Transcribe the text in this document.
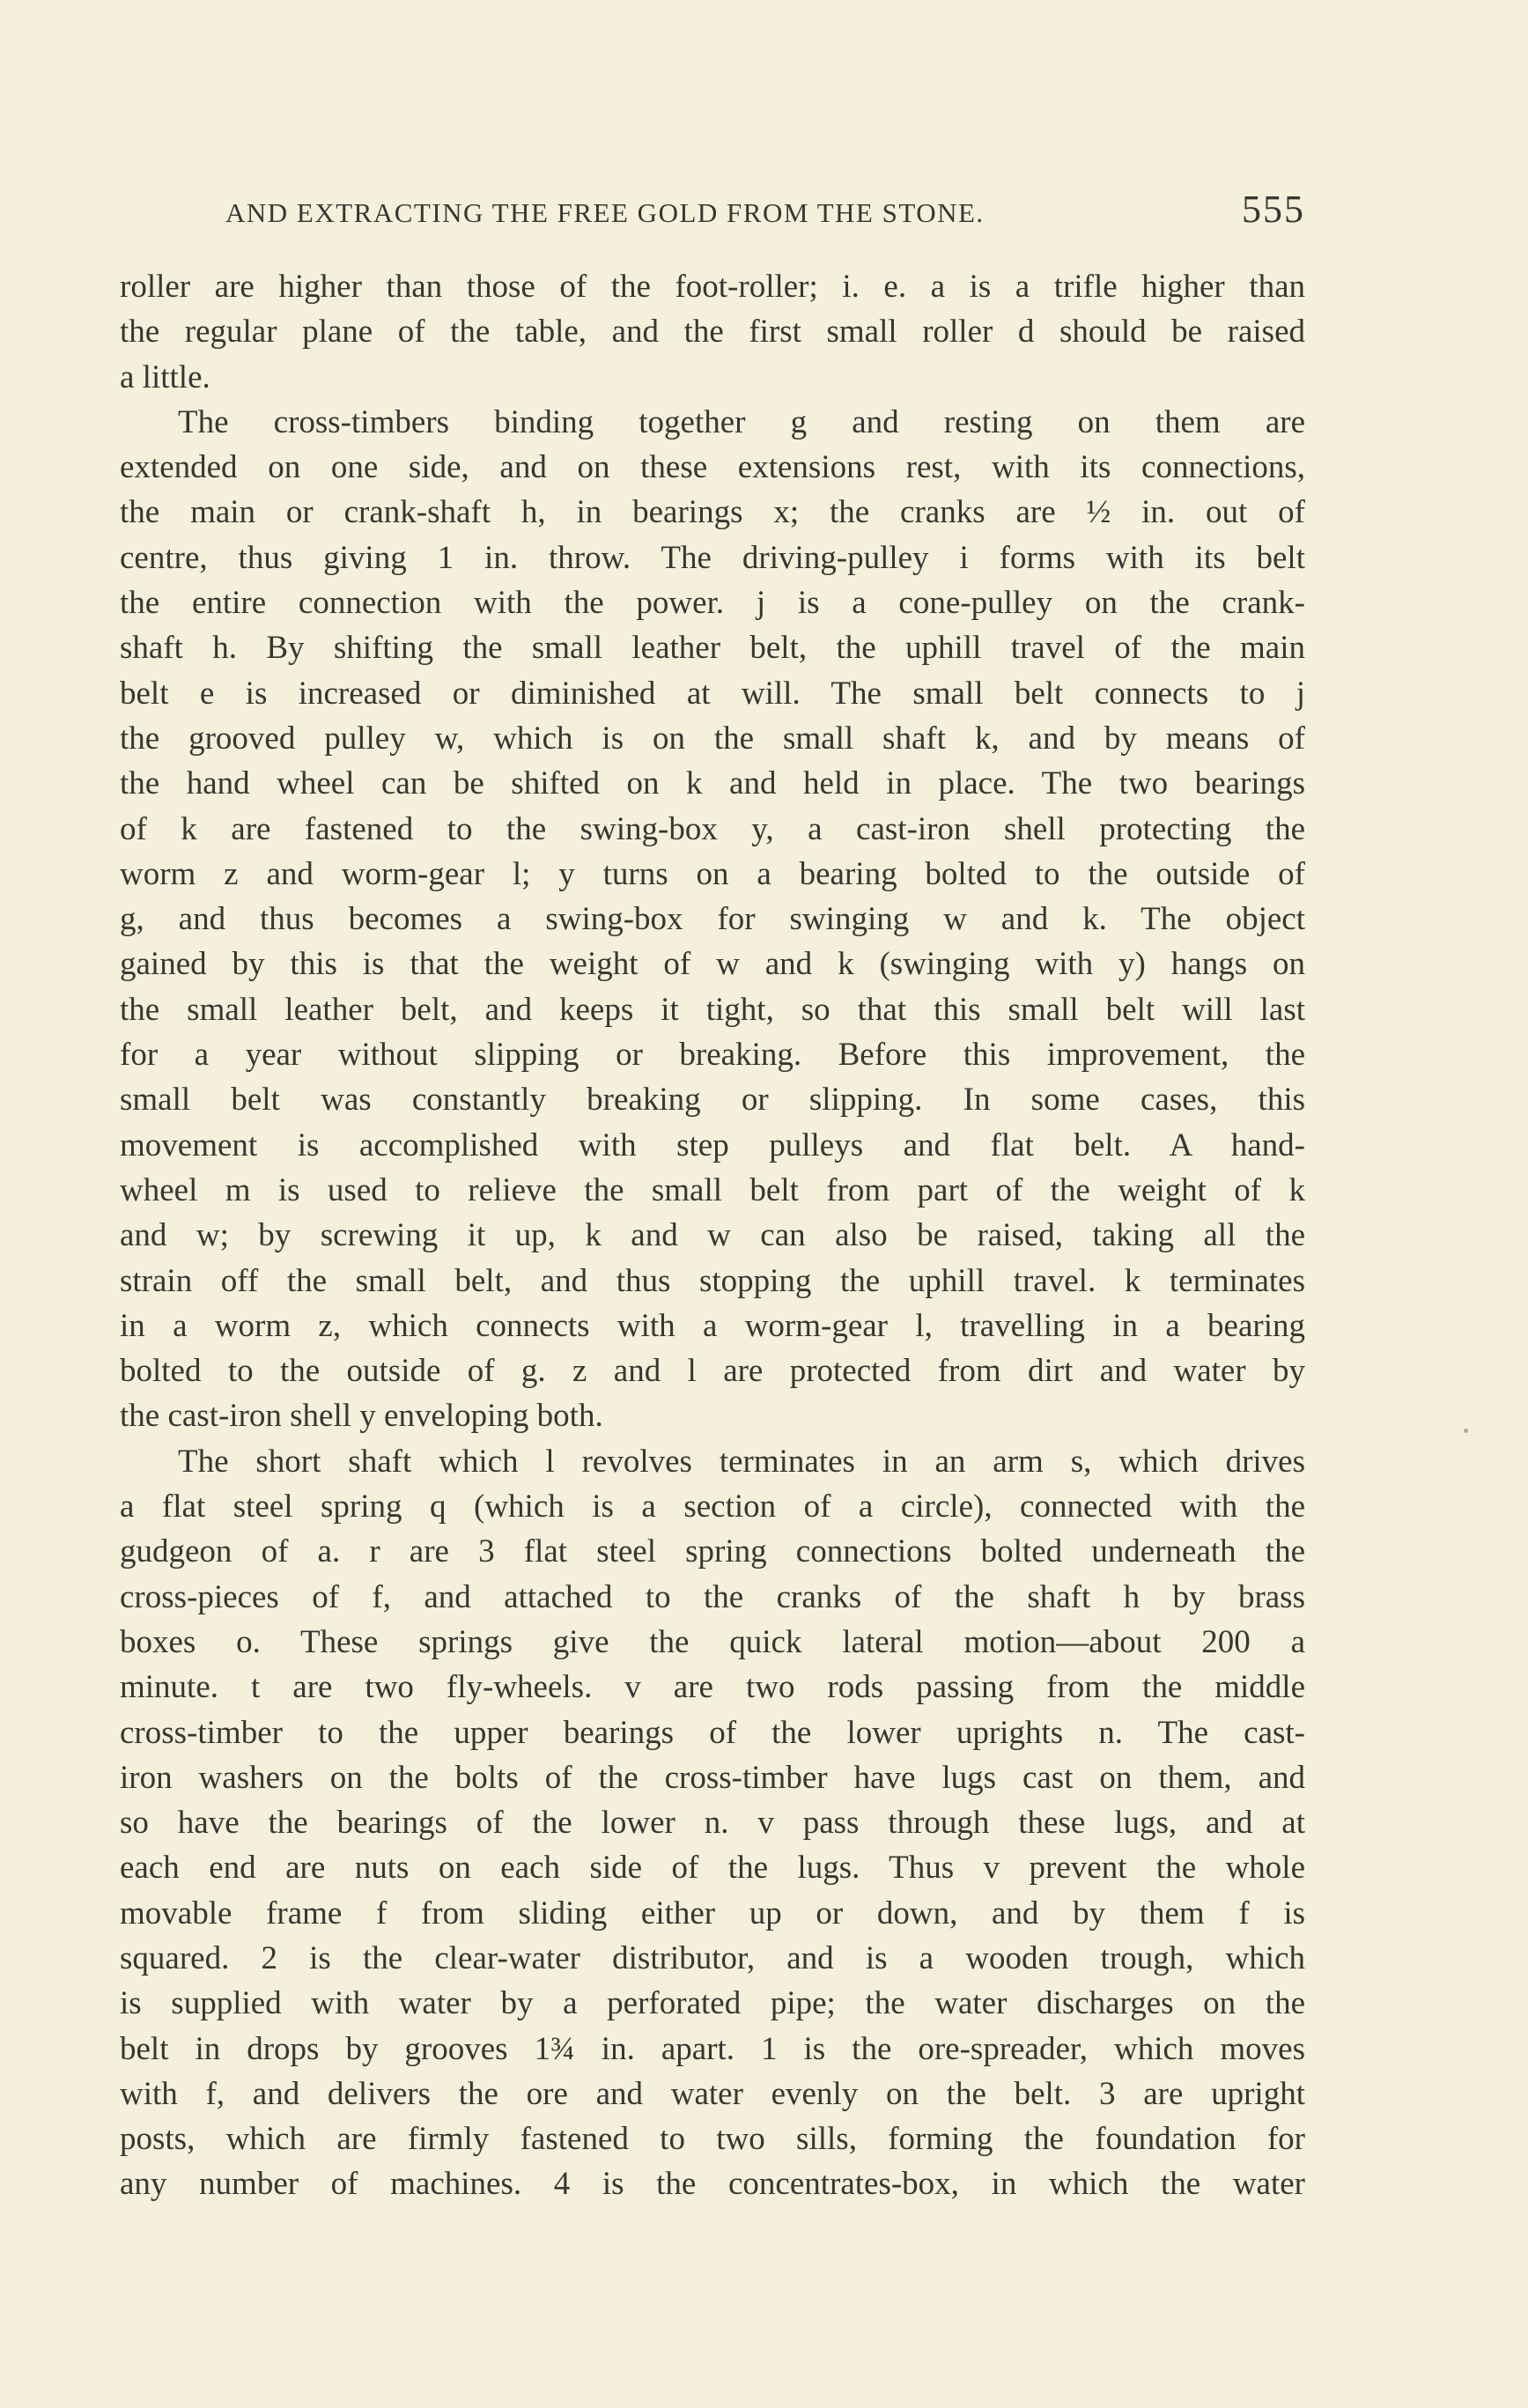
AND EXTRACTING THE FREE GOLD FROM THE STONE.	555
roller are higher than those of the foot-roller; i. e. a is a trifle higher than
the regular plane of the table, and the first small roller d should be raised
a little.
The cross-timbers binding together g and resting on them are
extended on one side, and on these extensions rest, with its connections,
the main or crank-shaft h, in bearings x; the cranks are ½ in. out of
centre, thus giving 1 in. throw. The driving-pulley i forms with its belt
the entire connection with the power. j is a cone-pulley on the crank-
shaft h. By shifting the small leather belt, the uphill travel of the main
belt e is increased or diminished at will. The small belt connects to j
the grooved pulley w, which is on the small shaft k, and by means of
the hand wheel can be shifted on k and held in place. The two bearings
of k are fastened to the swing-box y, a cast-iron shell protecting the
worm z and worm-gear l; y turns on a bearing bolted to the outside of
g, and thus becomes a swing-box for swinging w and k. The object
gained by this is that the weight of w and k (swinging with y) hangs on
the small leather belt, and keeps it tight, so that this small belt will last
for a year without slipping or breaking. Before this improvement, the
small belt was constantly breaking or slipping. In some cases, this
movement is accomplished with step pulleys and flat belt. A hand-
wheel m is used to relieve the small belt from part of the weight of k
and w; by screwing it up, k and w can also be raised, taking all the
strain off the small belt, and thus stopping the uphill travel. k terminates
in a worm z, which connects with a worm-gear l, travelling in a bearing
bolted to the outside of g. z and l are protected from dirt and water by
the cast-iron shell y enveloping both.
The short shaft which l revolves terminates in an arm s, which drives
a flat steel spring q (which is a section of a circle), connected with the
gudgeon of a. r are 3 flat steel spring connections bolted underneath the
cross-pieces of f, and attached to the cranks of the shaft h by brass
boxes o. These springs give the quick lateral motion—about 200 a
minute. t are two fly-wheels. v are two rods passing from the middle
cross-timber to the upper bearings of the lower uprights n. The cast-
iron washers on the bolts of the cross-timber have lugs cast on them, and
so have the bearings of the lower n. v pass through these lugs, and at
each end are nuts on each side of the lugs. Thus v prevent the whole
movable frame f from sliding either up or down, and by them f is
squared. 2 is the clear-water distributor, and is a wooden trough, which
is supplied with water by a perforated pipe; the water discharges on the
belt in drops by grooves 1¾ in. apart. 1 is the ore-spreader, which moves
with f, and delivers the ore and water evenly on the belt. 3 are upright
posts, which are firmly fastened to two sills, forming the foundation for
any number of machines. 4 is the concentrates-box, in which the water
